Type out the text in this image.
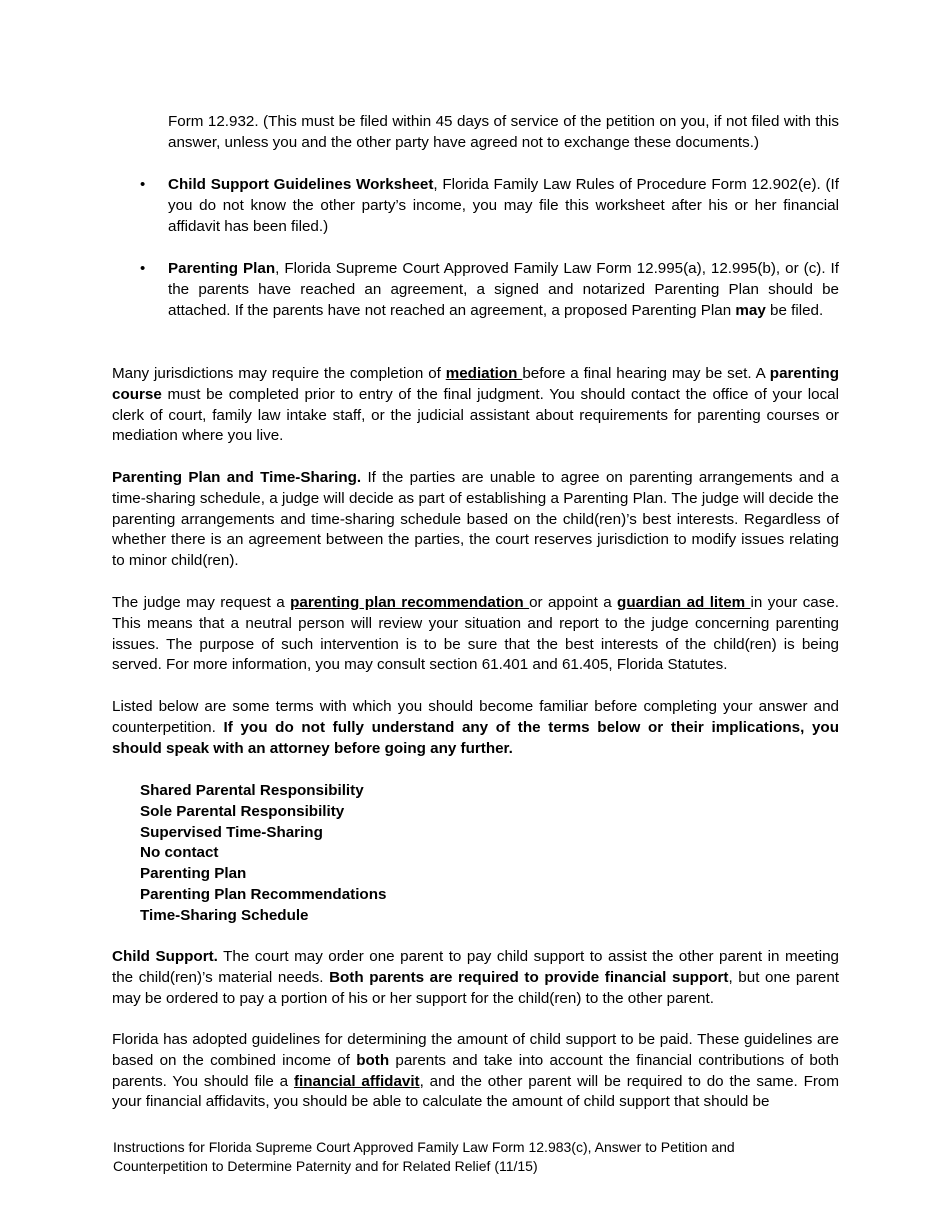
Form 12.932. (This must be filed within 45 days of service of the petition on you, if not filed with this answer, unless you and the other party have agreed not to exchange these documents.)

• Child Support Guidelines Worksheet, Florida Family Law Rules of Procedure Form 12.902(e). (If you do not know the other party’s income, you may file this worksheet after his or her financial affidavit has been filed.)

• Parenting Plan, Florida Supreme Court Approved Family Law Form 12.995(a), 12.995(b), or (c). If the parents have reached an agreement, a signed and notarized Parenting Plan should be attached. If the parents have not reached an agreement, a proposed Parenting Plan may be filed.

Many jurisdictions may require the completion of mediation before a final hearing may be set. A parenting course must be completed prior to entry of the final judgment. You should contact the office of your local clerk of court, family law intake staff, or the judicial assistant about requirements for parenting courses or mediation where you live.

Parenting Plan and Time-Sharing. If the parties are unable to agree on parenting arrangements and a time-sharing schedule, a judge will decide as part of establishing a Parenting Plan. The judge will decide the parenting arrangements and time-sharing schedule based on the child(ren)’s best interests. Regardless of whether there is an agreement between the parties, the court reserves jurisdiction to modify issues relating to minor child(ren).

The judge may request a parenting plan recommendation or appoint a guardian ad litem in your case. This means that a neutral person will review your situation and report to the judge concerning parenting issues. The purpose of such intervention is to be sure that the best interests of the child(ren) is being served. For more information, you may consult section 61.401 and 61.405, Florida Statutes.

Listed below are some terms with which you should become familiar before completing your answer and counterpetition. If you do not fully understand any of the terms below or their implications, you should speak with an attorney before going any further.

Shared Parental Responsibility
Sole Parental Responsibility
Supervised Time-Sharing
No contact
Parenting Plan
Parenting Plan Recommendations
Time-Sharing Schedule

Child Support. The court may order one parent to pay child support to assist the other parent in meeting the child(ren)’s material needs. Both parents are required to provide financial support, but one parent may be ordered to pay a portion of his or her support for the child(ren) to the other parent.

Florida has adopted guidelines for determining the amount of child support to be paid. These guidelines are based on the combined income of both parents and take into account the financial contributions of both parents. You should file a financial affidavit, and the other parent will be required to do the same. From your financial affidavits, you should be able to calculate the amount of child support that should be

Instructions for Florida Supreme Court Approved Family Law Form 12.983(c), Answer to Petition and
Counterpetition to Determine Paternity and for Related Relief (11/15)
